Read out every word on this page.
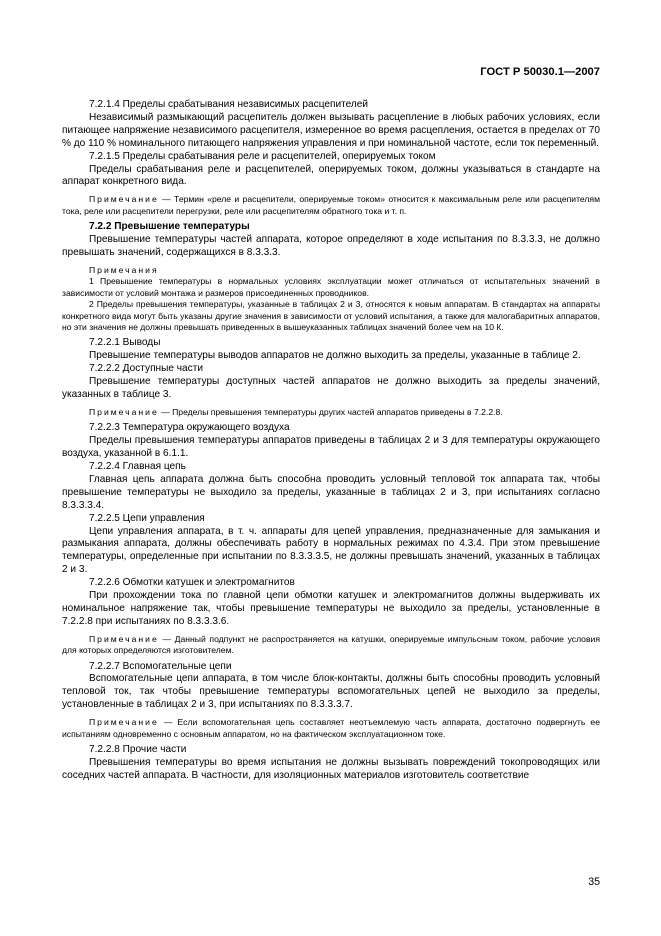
ГОСТ Р 50030.1—2007

7.2.1.4 Пределы срабатывания независимых расцепителей

Независимый размыкающий расцепитель должен вызывать расцепление в любых рабочих условиях, если питающее напряжение независимого расцепителя, измеренное во время расцепления, остается в пределах от 70 % до 110 % номинального питающего напряжения управления и при номинальной частоте, если ток переменный.

7.2.1.5 Пределы срабатывания реле и расцепителей, оперируемых током

Пределы срабатывания реле и расцепителей, оперируемых током, должны указываться в стандарте на аппарат конкретного вида.

Примечание — Термин «реле и расцепители, оперируемые током» относится к максимальным реле или расцепителям тока, реле или расцепители перегрузки, реле или расцепителям обратного тока и т. п.

7.2.2 Превышение температуры

Превышение температуры частей аппарата, которое определяют в ходе испытания по 8.3.3.3, не должно превышать значений, содержащихся в 8.3.3.3.

Примечания

1 Превышение температуры в нормальных условиях эксплуатации может отличаться от испытательных значений в зависимости от условий монтажа и размеров присоединенных проводников.

2 Пределы превышения температуры, указанные в таблицах 2 и 3, относятся к новым аппаратам. В стандартах на аппараты конкретного вида могут быть указаны другие значения в зависимости от условий испытания, а также для малогабаритных аппаратов, но эти значения не должны превышать приведенных в вышеуказанных таблицах значений более чем на 10 К.

7.2.2.1 Выводы

Превышение температуры выводов аппаратов не должно выходить за пределы, указанные в таблице 2.

7.2.2.2 Доступные части

Превышение температуры доступных частей аппаратов не должно выходить за пределы значений, указанных в таблице 3.

Примечание — Пределы превышения температуры других частей аппаратов приведены в 7.2.2.8.

7.2.2.3 Температура окружающего воздуха

Пределы превышения температуры аппаратов приведены в таблицах 2 и 3 для температуры окружающего воздуха, указанной в 6.1.1.

7.2.2.4 Главная цепь

Главная цепь аппарата должна быть способна проводить условный тепловой ток аппарата так, чтобы превышение температуры не выходило за пределы, указанные в таблицах 2 и 3, при испытаниях согласно 8.3.3.3.4.

7.2.2.5 Цепи управления

Цепи управления аппарата, в т. ч. аппараты для цепей управления, предназначенные для замыкания и размыкания аппарата, должны обеспечивать работу в нормальных режимах по 4.3.4. При этом превышение температуры, определенные при испытании по 8.3.3.3.5, не должны превышать значений, указанных в таблицах 2 и 3.

7.2.2.6 Обмотки катушек и электромагнитов

При прохождении тока по главной цепи обмотки катушек и электромагнитов должны выдерживать их номинальное напряжение так, чтобы превышение температуры не выходило за пределы, установленные в 7.2.2.8 при испытаниях по 8.3.3.3.6.

Примечание — Данный подпункт не распространяется на катушки, оперируемые импульсным током, рабочие условия для которых определяются изготовителем.

7.2.2.7 Вспомогательные цепи

Вспомогательные цепи аппарата, в том числе блок-контакты, должны быть способны проводить условный тепловой ток, так чтобы превышение температуры вспомогательных цепей не выходило за пределы, установленные в таблицах 2 и 3, при испытаниях по 8.3.3.3.7.

Примечание — Если вспомогательная цепь составляет неотъемлемую часть аппарата, достаточно подвергнуть ее испытаниям одновременно с основным аппаратом, но на фактическом эксплуатационном токе.

7.2.2.8 Прочие части

Превышения температуры во время испытания не должны вызывать повреждений токопроводящих или соседних частей аппарата. В частности, для изоляционных материалов изготовитель соответствие

35
